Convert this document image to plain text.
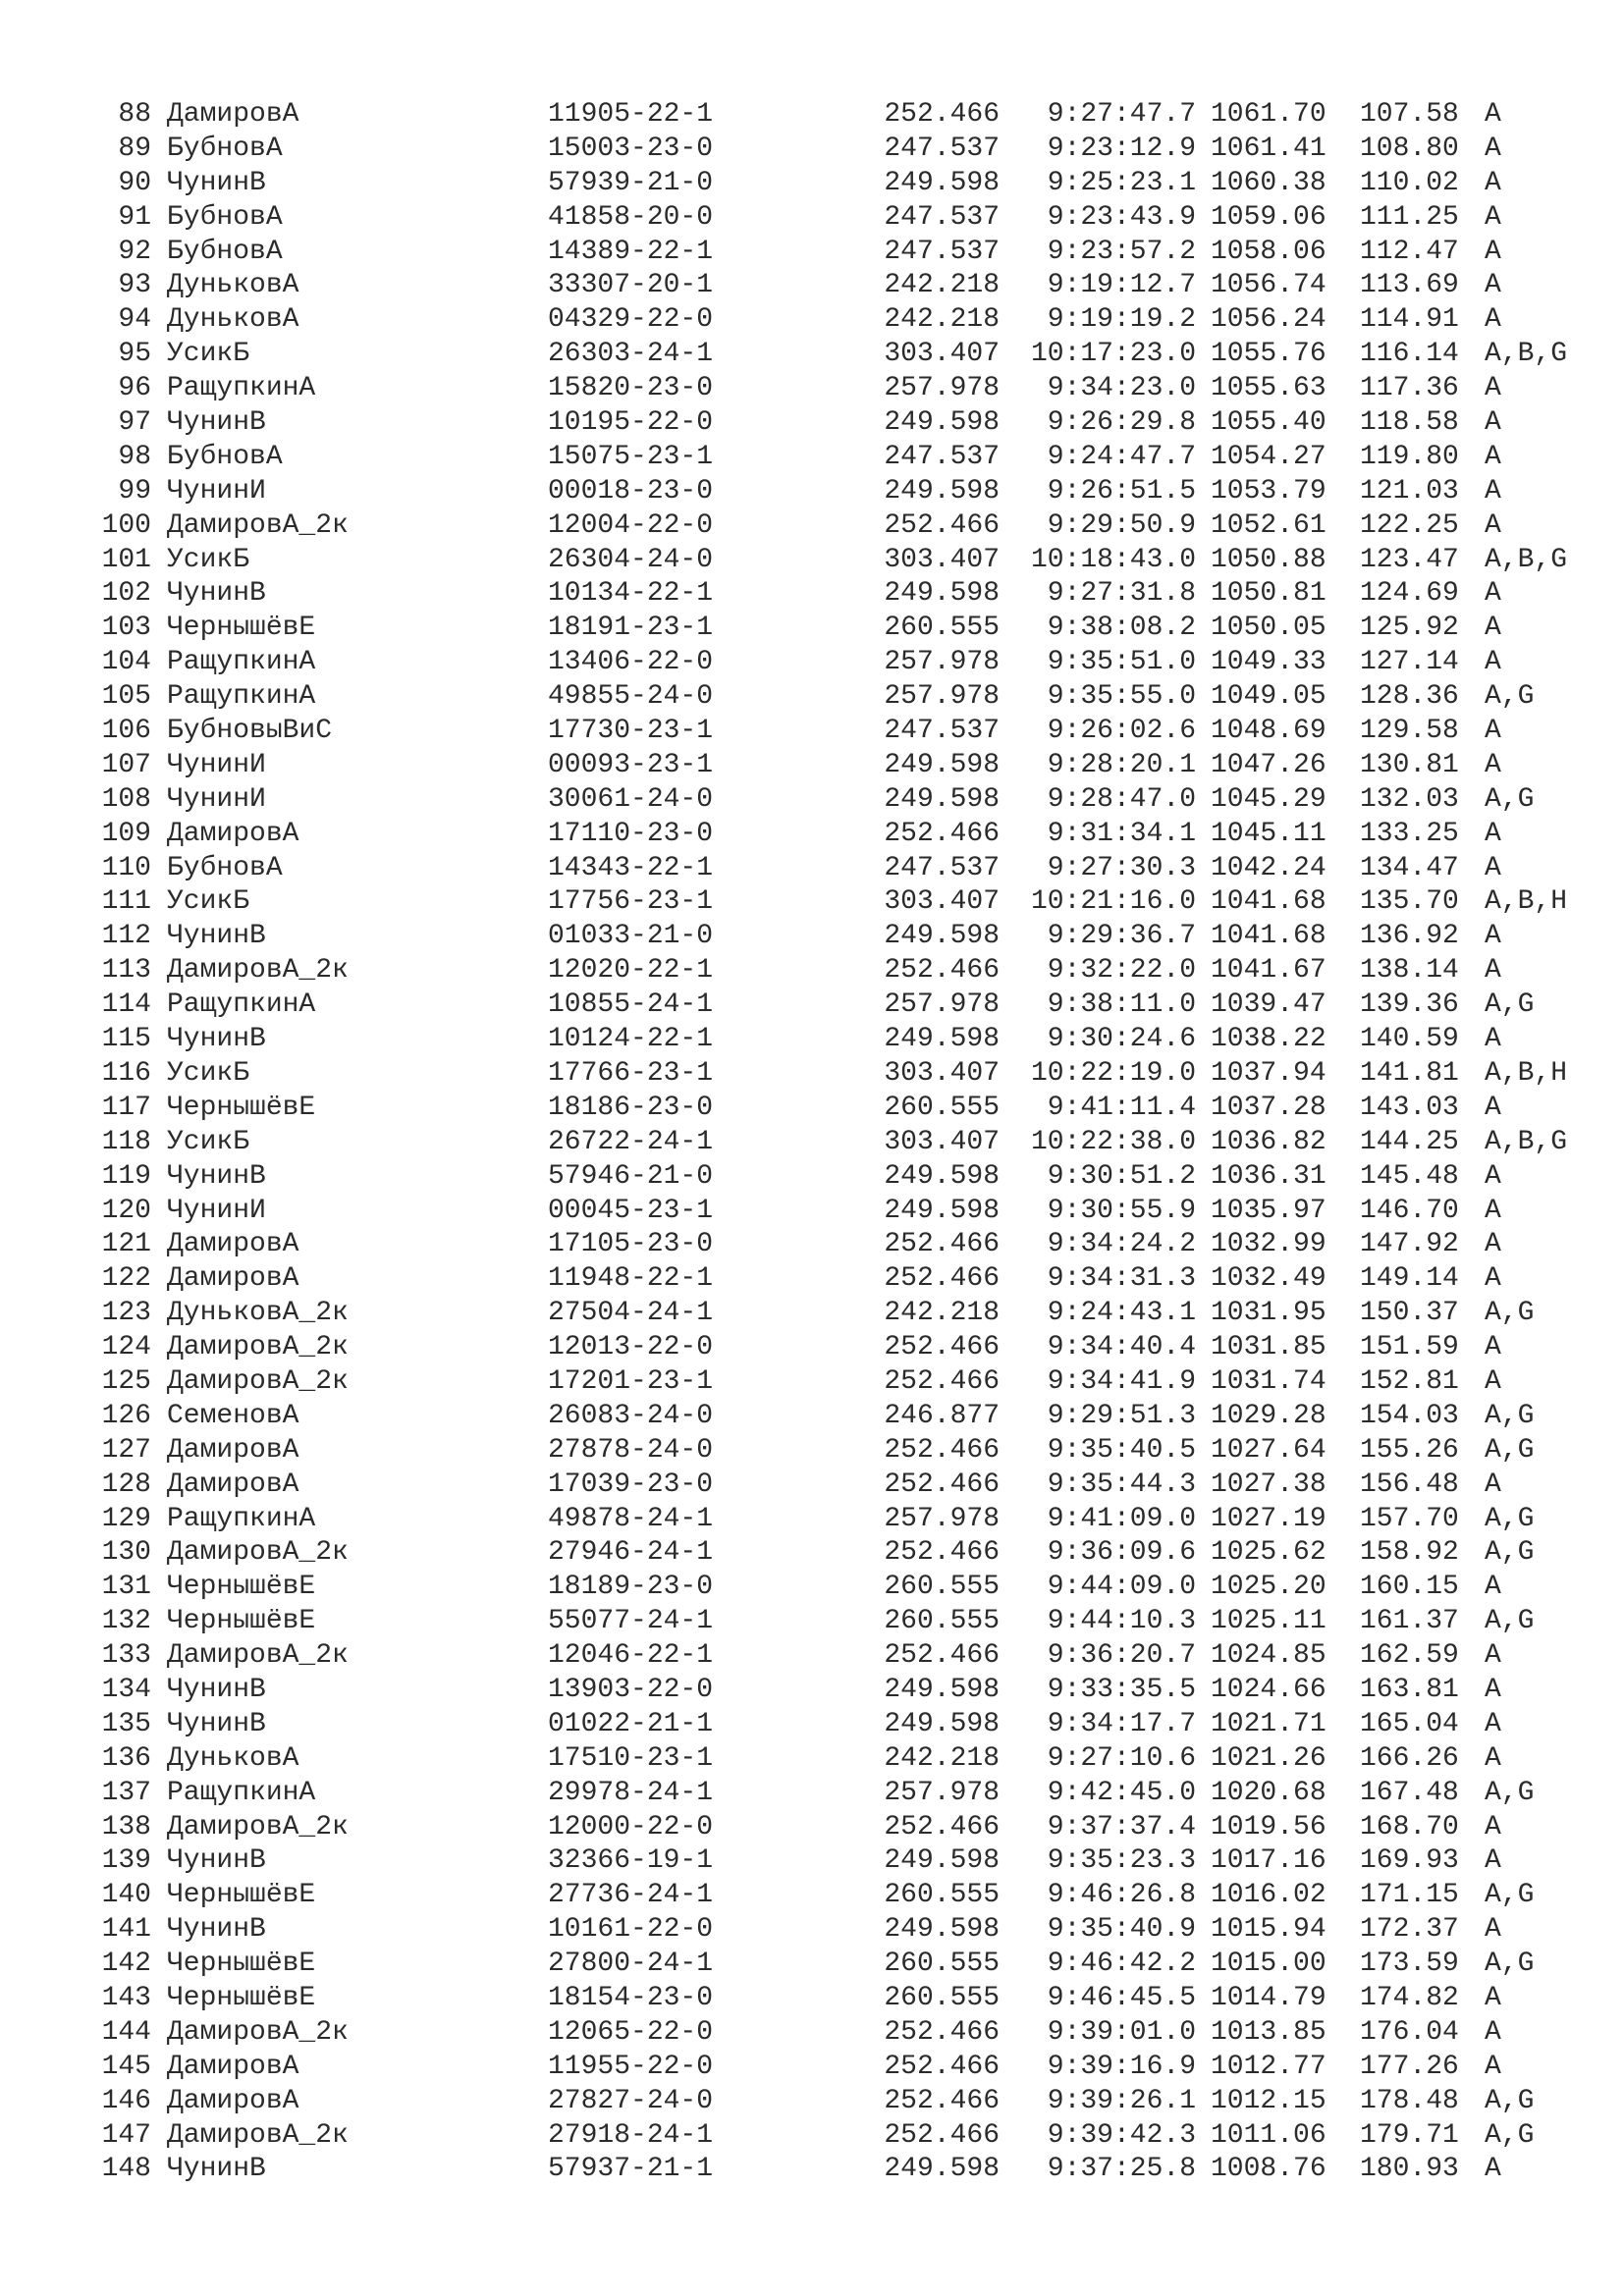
88 ДамировА	11905-22-1	252.466	9:27:47.7 1061.70 107.58 A
89 БубновА	15003-23-0	247.537	9:23:12.9 1061.41 108.80 A
90 ЧунинВ	57939-21-0	249.598	9:25:23.1 1060.38 110.02 A
91 БубновА	41858-20-0	247.537	9:23:43.9 1059.06 111.25 A
92 БубновА	14389-22-1	247.537	9:23:57.2 1058.06 112.47 A
93 ДуньковА	33307-20-1	242.218	9:19:12.7 1056.74 113.69 A
94 ДуньковА	04329-22-0	242.218	9:19:19.2 1056.24 114.91 A
95 УсикБ	26303-24-1	303.407	10:17:23.0 1055.76 116.14 A,B,G
96 РащупкинА	15820-23-0	257.978	9:34:23.0 1055.63 117.36 A
97 ЧунинВ	10195-22-0	249.598	9:26:29.8 1055.40 118.58 A
98 БубновА	15075-23-1	247.537	9:24:47.7 1054.27 119.80 A
99 ЧунинИ	00018-23-0	249.598	9:26:51.5 1053.79 121.03 A
100 ДамировА_2к	12004-22-0	252.466	9:29:50.9 1052.61 122.25 A
101 УсикБ	26304-24-0	303.407	10:18:43.0 1050.88 123.47 A,B,G
102 ЧунинВ	10134-22-1	249.598	9:27:31.8 1050.81 124.69 A
103 ЧернышёвЕ	18191-23-1	260.555	9:38:08.2 1050.05 125.92 A
104 РащупкинА	13406-22-0	257.978	9:35:51.0 1049.33 127.14 A
105 РащупкинА	49855-24-0	257.978	9:35:55.0 1049.05 128.36 A,G
106 БубновыВиС	17730-23-1	247.537	9:26:02.6 1048.69 129.58 A
107 ЧунинИ	00093-23-1	249.598	9:28:20.1 1047.26 130.81 A
108 ЧунинИ	30061-24-0	249.598	9:28:47.0 1045.29 132.03 A,G
109 ДамировА	17110-23-0	252.466	9:31:34.1 1045.11 133.25 A
110 БубновА	14343-22-1	247.537	9:27:30.3 1042.24 134.47 A
111 УсикБ	17756-23-1	303.407	10:21:16.0 1041.68 135.70 A,B,H
112 ЧунинВ	01033-21-0	249.598	9:29:36.7 1041.68 136.92 A
113 ДамировА_2к	12020-22-1	252.466	9:32:22.0 1041.67 138.14 A
114 РащупкинА	10855-24-1	257.978	9:38:11.0 1039.47 139.36 A,G
115 ЧунинВ	10124-22-1	249.598	9:30:24.6 1038.22 140.59 A
116 УсикБ	17766-23-1	303.407	10:22:19.0 1037.94 141.81 A,B,H
117 ЧернышёвЕ	18186-23-0	260.555	9:41:11.4 1037.28 143.03 A
118 УсикБ	26722-24-1	303.407	10:22:38.0 1036.82 144.25 A,B,G
119 ЧунинВ	57946-21-0	249.598	9:30:51.2 1036.31 145.48 A
120 ЧунинИ	00045-23-1	249.598	9:30:55.9 1035.97 146.70 A
121 ДамировА	17105-23-0	252.466	9:34:24.2 1032.99 147.92 A
122 ДамировА	11948-22-1	252.466	9:34:31.3 1032.49 149.14 A
123 ДуньковА_2к	27504-24-1	242.218	9:24:43.1 1031.95 150.37 A,G
124 ДамировА_2к	12013-22-0	252.466	9:34:40.4 1031.85 151.59 A
125 ДамировА_2к	17201-23-1	252.466	9:34:41.9 1031.74 152.81 A
126 СеменовА	26083-24-0	246.877	9:29:51.3 1029.28 154.03 A,G
127 ДамировА	27878-24-0	252.466	9:35:40.5 1027.64 155.26 A,G
128 ДамировА	17039-23-0	252.466	9:35:44.3 1027.38 156.48 A
129 РащупкинА	49878-24-1	257.978	9:41:09.0 1027.19 157.70 A,G
130 ДамировА_2к	27946-24-1	252.466	9:36:09.6 1025.62 158.92 A,G
131 ЧернышёвЕ	18189-23-0	260.555	9:44:09.0 1025.20 160.15 A
132 ЧернышёвЕ	55077-24-1	260.555	9:44:10.3 1025.11 161.37 A,G
133 ДамировА_2к	12046-22-1	252.466	9:36:20.7 1024.85 162.59 A
134 ЧунинВ	13903-22-0	249.598	9:33:35.5 1024.66 163.81 A
135 ЧунинВ	01022-21-1	249.598	9:34:17.7 1021.71 165.04 A
136 ДуньковА	17510-23-1	242.218	9:27:10.6 1021.26 166.26 A
137 РащупкинА	29978-24-1	257.978	9:42:45.0 1020.68 167.48 A,G
138 ДамировА_2к	12000-22-0	252.466	9:37:37.4 1019.56 168.70 A
139 ЧунинВ	32366-19-1	249.598	9:35:23.3 1017.16 169.93 A
140 ЧернышёвЕ	27736-24-1	260.555	9:46:26.8 1016.02 171.15 A,G
141 ЧунинВ	10161-22-0	249.598	9:35:40.9 1015.94 172.37 A
142 ЧернышёвЕ	27800-24-1	260.555	9:46:42.2 1015.00 173.59 A,G
143 ЧернышёвЕ	18154-23-0	260.555	9:46:45.5 1014.79 174.82 A
144 ДамировА_2к	12065-22-0	252.466	9:39:01.0 1013.85 176.04 A
145 ДамировА	11955-22-0	252.466	9:39:16.9 1012.77 177.26 A
146 ДамировА	27827-24-0	252.466	9:39:26.1 1012.15 178.48 A,G
147 ДамировА_2к	27918-24-1	252.466	9:39:42.3 1011.06 179.71 A,G
148 ЧунинВ	57937-21-1	249.598	9:37:25.8 1008.76 180.93 A
